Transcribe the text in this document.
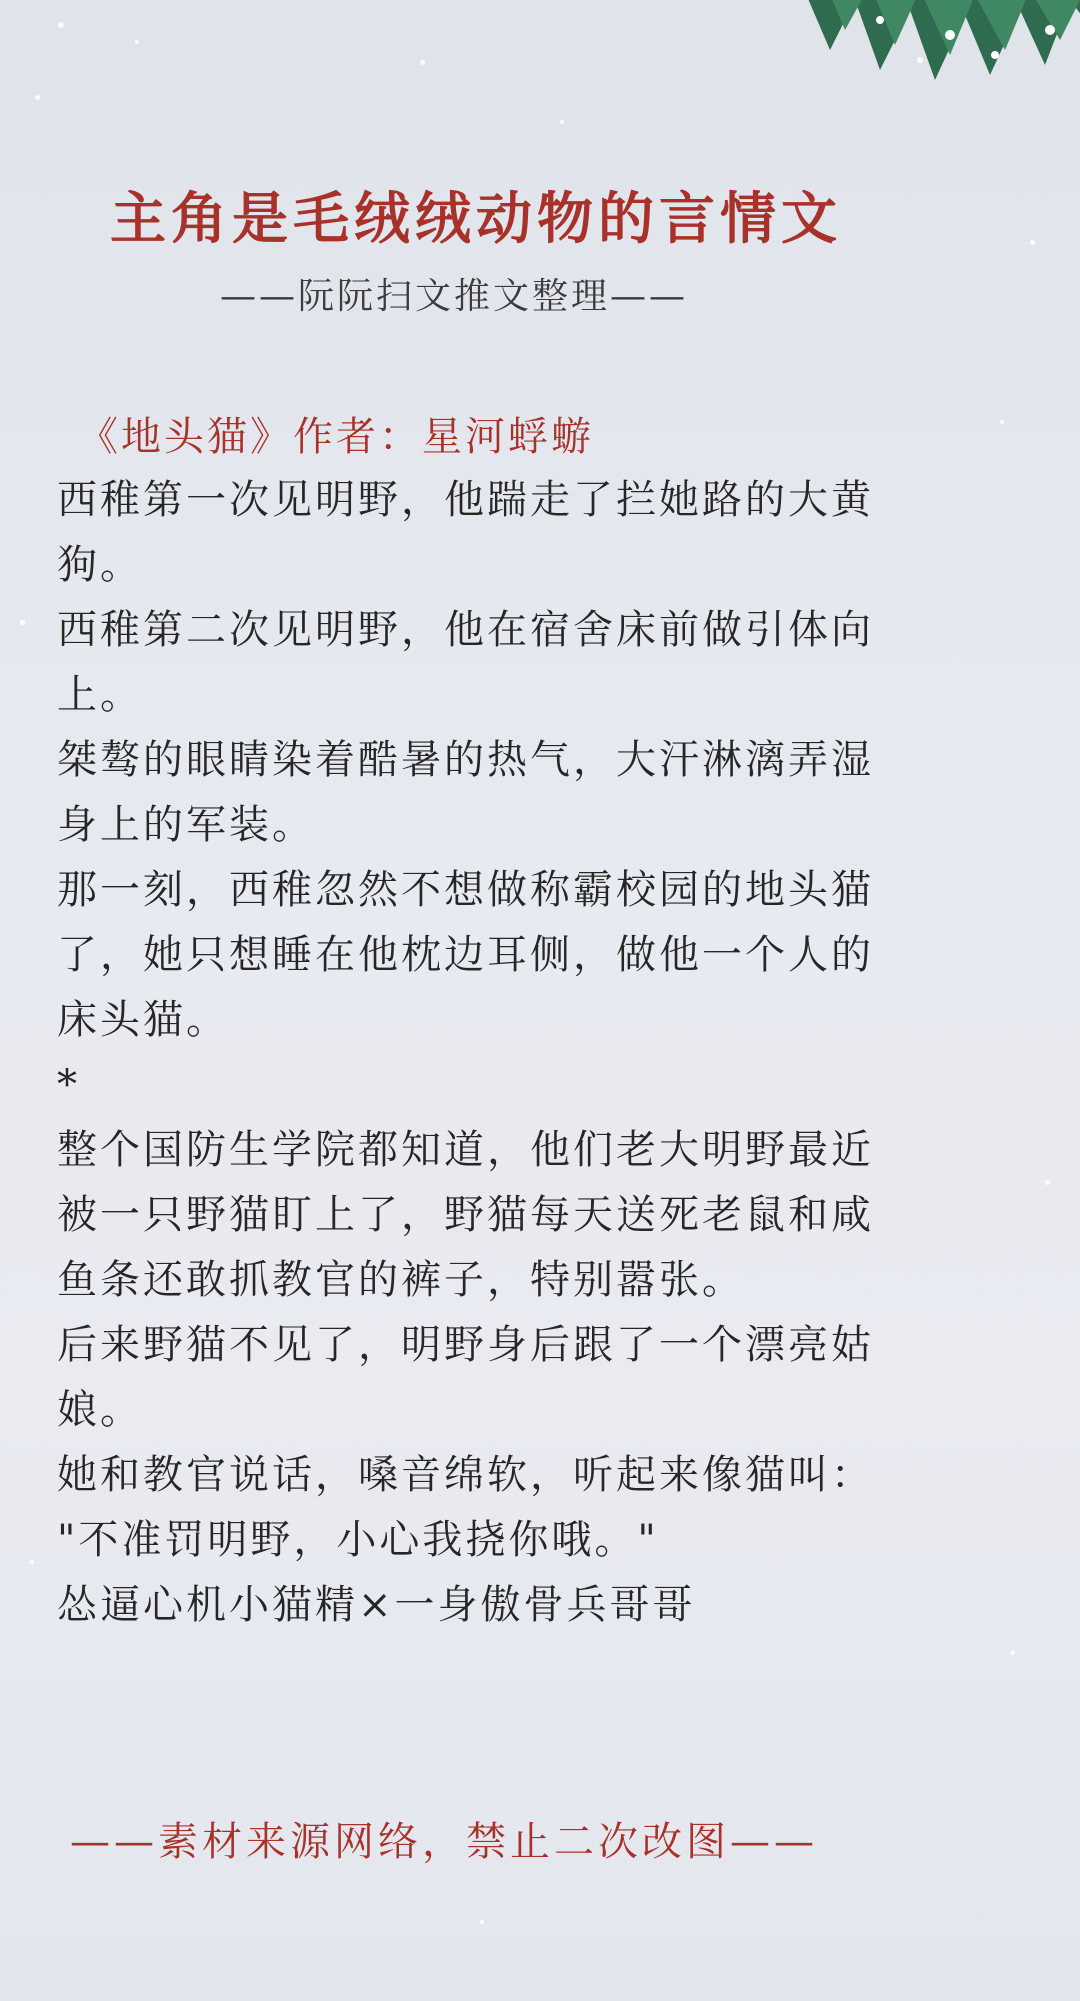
主角是毛绒绒动物的言情文
——阮阮扫文推文整理——
《地头猫》作者：星河蜉蝣
西稚第一次见明野，他踹走了拦她路的大黄
狗。
西稚第二次见明野，他在宿舍床前做引体向
上。
桀骜的眼睛染着酷暑的热气，大汗淋漓弄湿
身上的军装。
那一刻，西稚忽然不想做称霸校园的地头猫
了，她只想睡在他枕边耳侧，做他一个人的
床头猫。
*
整个国防生学院都知道，他们老大明野最近
被一只野猫盯上了，野猫每天送死老鼠和咸
鱼条还敢抓教官的裤子，特别嚣张。
后来野猫不见了，明野身后跟了一个漂亮姑
娘。
她和教官说话，嗓音绵软，听起来像猫叫：
"不准罚明野，小心我挠你哦。"
怂逼心机小猫精×一身傲骨兵哥哥
——素材来源网络，禁止二次改图——
